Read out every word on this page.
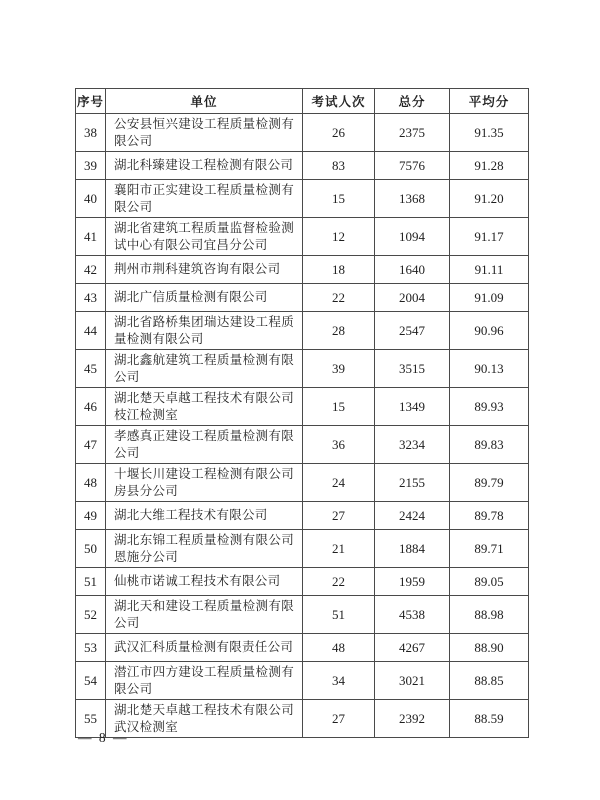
序号	单位	考试人次	总分	平均分
38	公安县恒兴建设工程质量检测有限公司	26	2375	91.35
39	湖北科臻建设工程检测有限公司	83	7576	91.28
40	襄阳市正实建设工程质量检测有限公司	15	1368	91.20
41	湖北省建筑工程质量监督检验测试中心有限公司宜昌分公司	12	1094	91.17
42	荆州市荆科建筑咨询有限公司	18	1640	91.11
43	湖北广信质量检测有限公司	22	2004	91.09
44	湖北省路桥集团瑞达建设工程质量检测有限公司	28	2547	90.96
45	湖北鑫航建筑工程质量检测有限公司	39	3515	90.13
46	湖北楚天卓越工程技术有限公司枝江检测室	15	1349	89.93
47	孝感真正建设工程质量检测有限公司	36	3234	89.83
48	十堰长川建设工程检测有限公司房县分公司	24	2155	89.79
49	湖北大维工程技术有限公司	27	2424	89.78
50	湖北东锦工程质量检测有限公司恩施分公司	21	1884	89.71
51	仙桃市诺诚工程技术有限公司	22	1959	89.05
52	湖北天和建设工程质量检测有限公司	51	4538	88.98
53	武汉汇科质量检测有限责任公司	48	4267	88.90
54	潜江市四方建设工程质量检测有限公司	34	3021	88.85
55	湖北楚天卓越工程技术有限公司武汉检测室	27	2392	88.59
— 8 —
